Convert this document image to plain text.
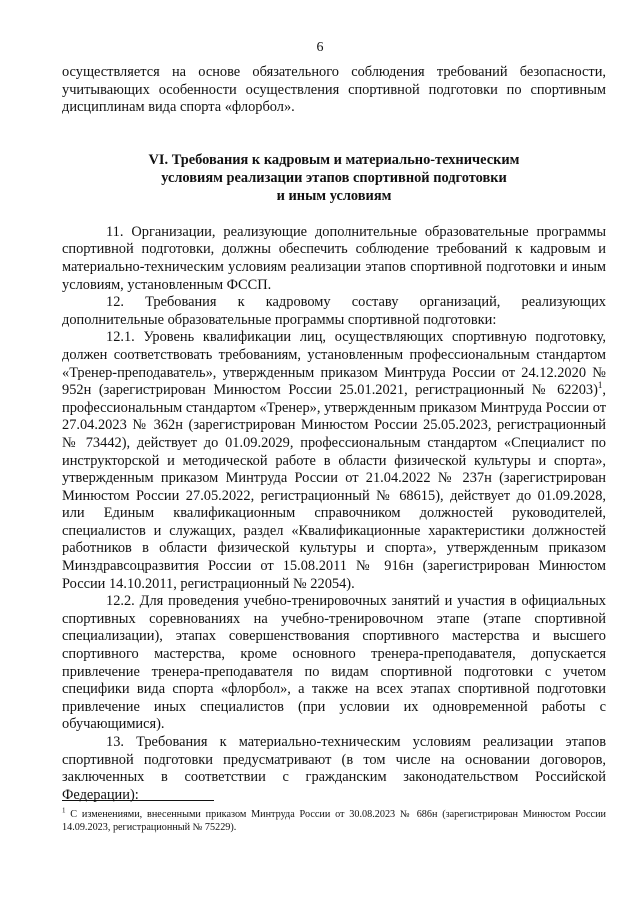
6

осуществляется на основе обязательного соблюдения требований безопасности, учитывающих особенности осуществления спортивной подготовки по спортивным дисциплинам вида спорта «флорбол».

VI. Требования к кадровым и материально-техническим
условиям реализации этапов спортивной подготовки
и иным условиям

11. Организации, реализующие дополнительные образовательные программы спортивной подготовки, должны обеспечить соблюдение требований к кадровым и материально-техническим условиям реализации этапов спортивной подготовки и иным условиям, установленным ФССП.

12. Требования к кадровому составу организаций, реализующих дополнительные образовательные программы спортивной подготовки:

12.1. Уровень квалификации лиц, осуществляющих спортивную подготовку, должен соответствовать требованиям, установленным профессиональным стандартом «Тренер-преподаватель», утвержденным приказом Минтруда России от 24.12.2020 № 952н (зарегистрирован Минюстом России 25.01.2021, регистрационный № 62203)$^1$, профессиональным стандартом «Тренер», утвержденным приказом Минтруда России от 27.04.2023 № 362н (зарегистрирован Минюстом России 25.05.2023, регистрационный № 73442), действует до 01.09.2029, профессиональным стандартом «Специалист по инструкторской и методической работе в области физической культуры и спорта», утвержденным приказом Минтруда России от 21.04.2022 № 237н (зарегистрирован Минюстом России 27.05.2022, регистрационный № 68615), действует до 01.09.2028, или Единым квалификационным справочником должностей руководителей, специалистов и служащих, раздел «Квалификационные характеристики должностей работников в области физической культуры и спорта», утвержденным приказом Минздравсоцразвития России от 15.08.2011 № 916н (зарегистрирован Минюстом России 14.10.2011, регистрационный № 22054).

12.2. Для проведения учебно-тренировочных занятий и участия в официальных спортивных соревнованиях на учебно-тренировочном этапе (этапе спортивной специализации), этапах совершенствования спортивного мастерства и высшего спортивного мастерства, кроме основного тренера-преподавателя, допускается привлечение тренера-преподавателя по видам спортивной подготовки с учетом специфики вида спорта «флорбол», а также на всех этапах спортивной подготовки привлечение иных специалистов (при условии их одновременной работы с обучающимися).

13. Требования к материально-техническим условиям реализации этапов спортивной подготовки предусматривают (в том числе на основании договоров, заключенных в соответствии с гражданским законодательством Российской Федерации):

$^1$ С изменениями, внесенными приказом Минтруда России от 30.08.2023 № 686н (зарегистрирован Минюстом России 14.09.2023, регистрационный № 75229).
